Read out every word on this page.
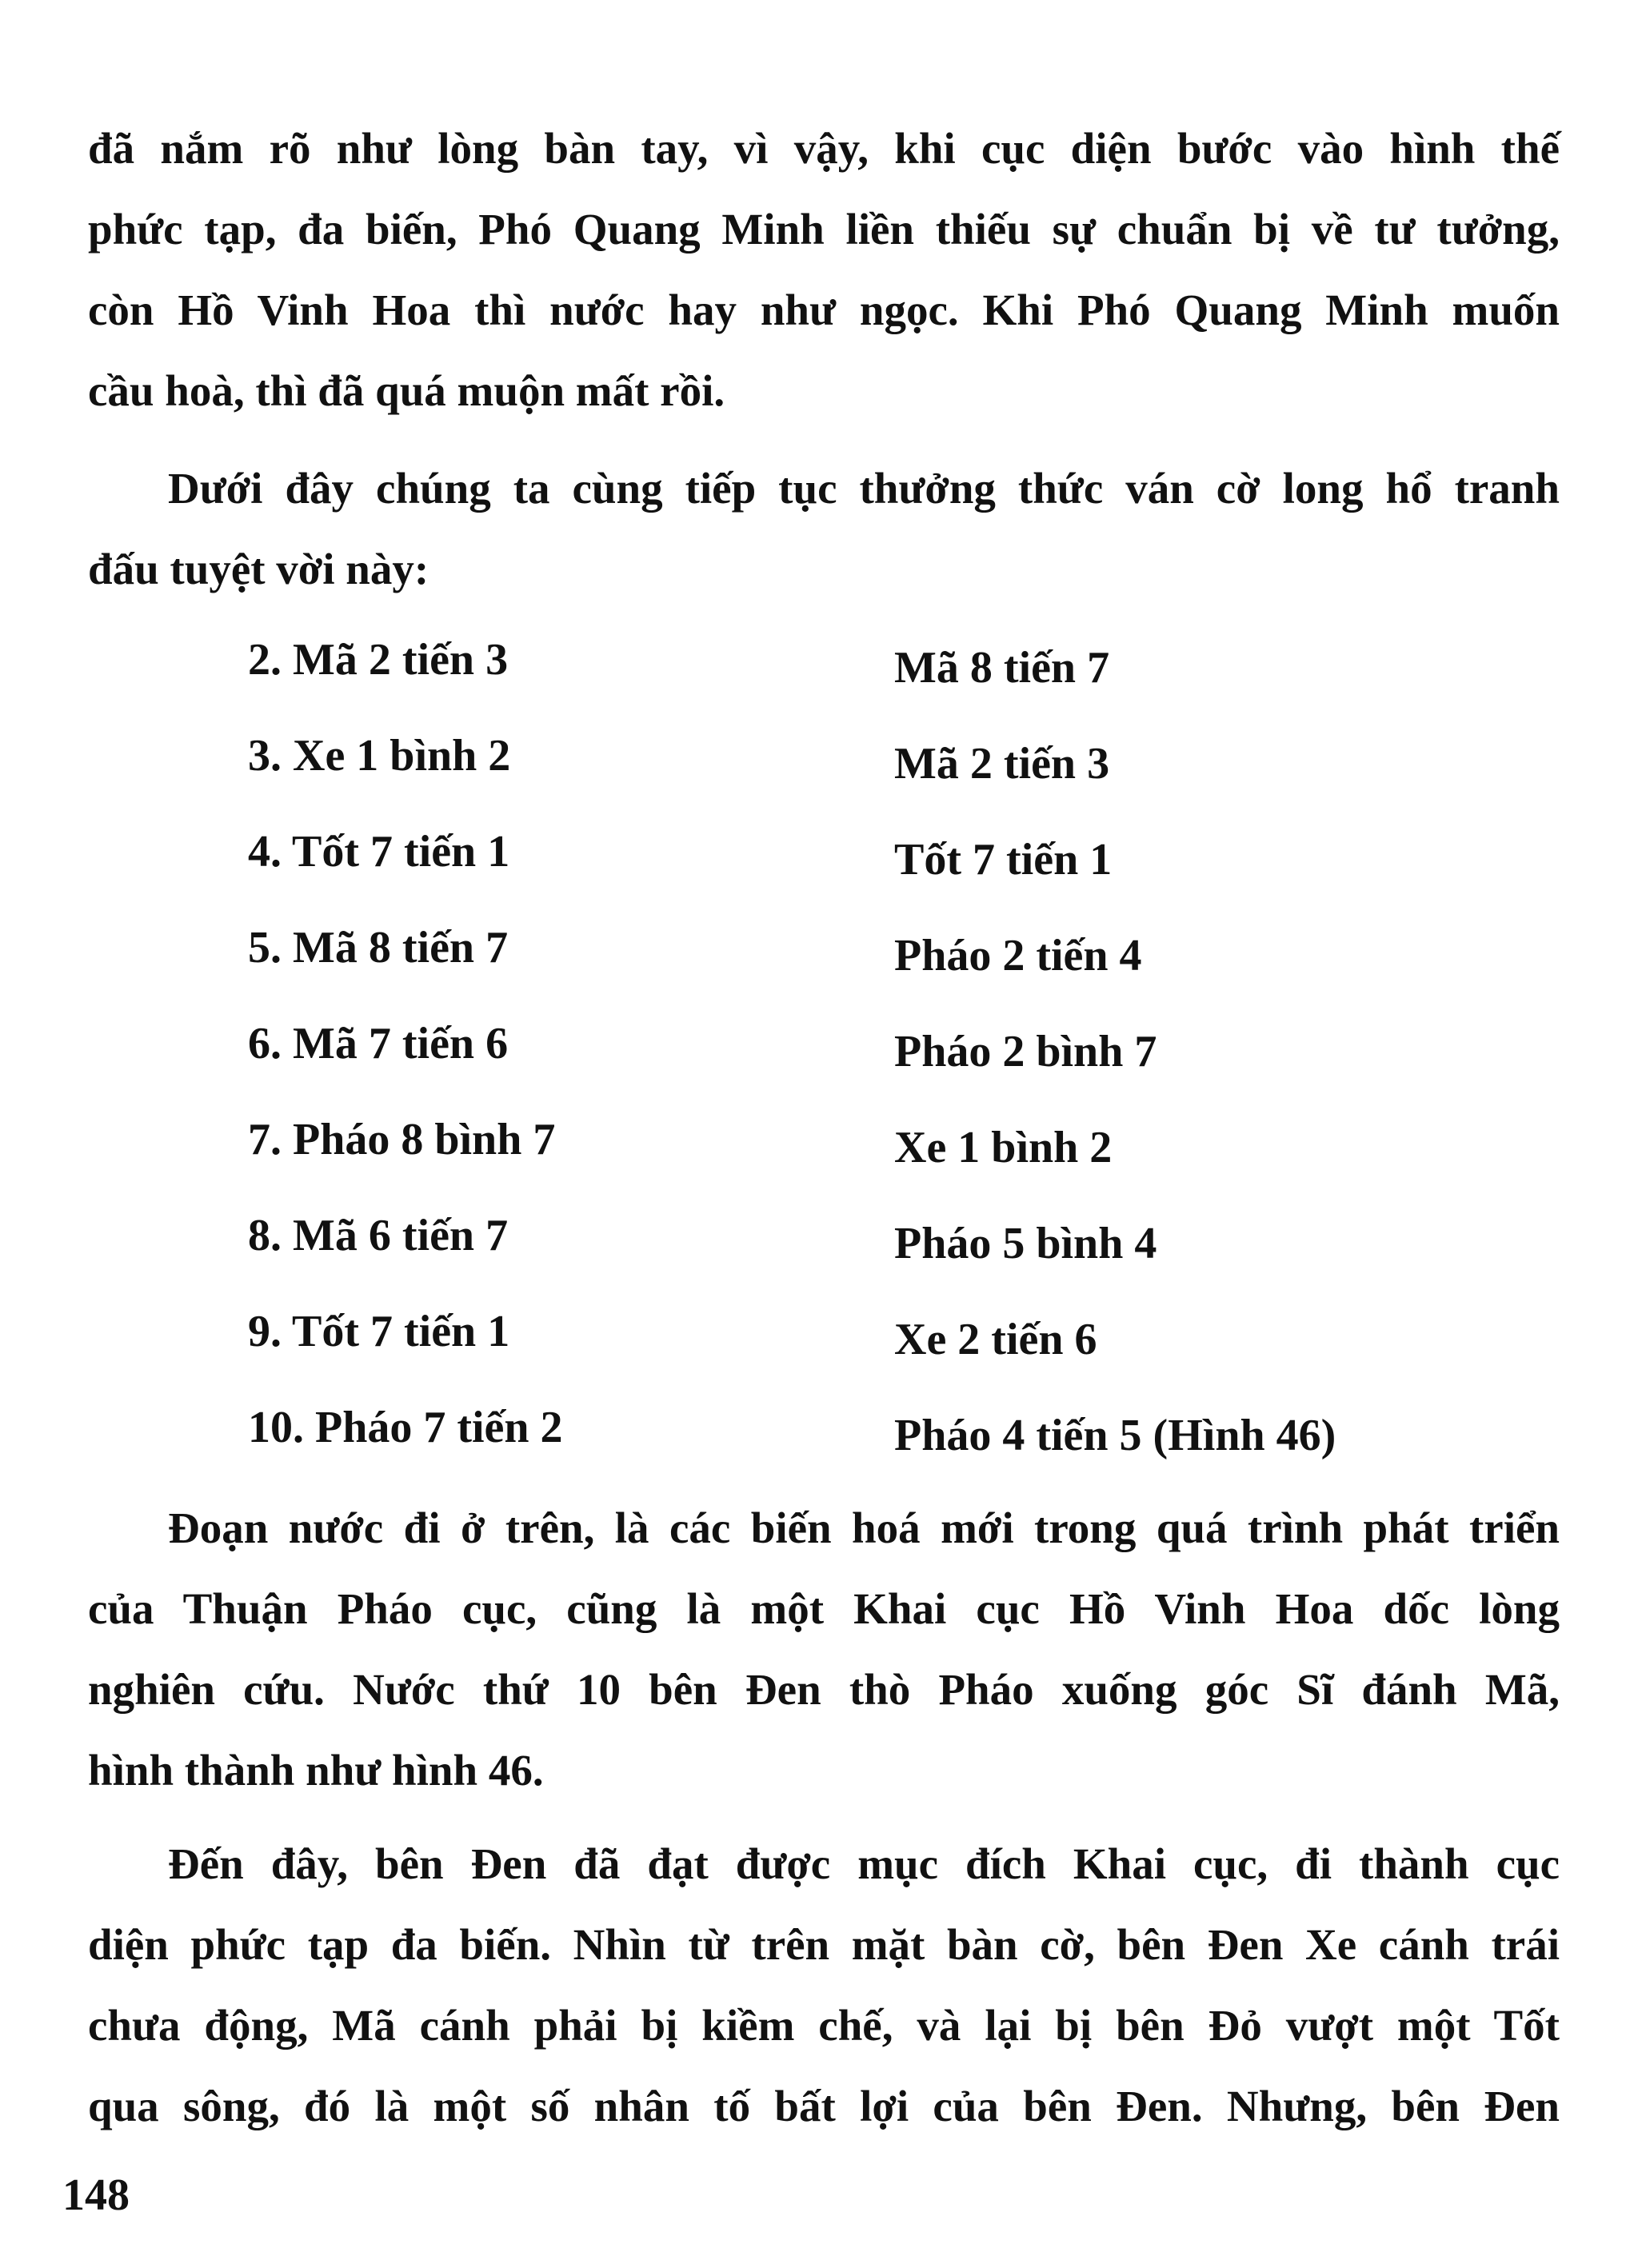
đã nắm rõ như lòng bàn tay, vì vậy, khi cục diện bước vào hình thế
phức tạp, đa biến, Phó Quang Minh liền thiếu sự chuẩn bị về tư tưởng,
còn Hồ Vinh Hoa thì nước hay như ngọc. Khi Phó Quang Minh muốn
cầu hoà, thì đã quá muộn mất rồi.

Dưới đây chúng ta cùng tiếp tục thưởng thức ván cờ long hổ tranh
đấu tuyệt vời này:

2. Mã 2 tiến 3	Mã 8 tiến 7
3. Xe 1 bình 2	Mã 2 tiến 3
4. Tốt 7 tiến 1	Tốt 7 tiến 1
5. Mã 8 tiến 7	Pháo 2 tiến 4
6. Mã 7 tiến 6	Pháo 2 bình 7
7. Pháo 8 bình 7	Xe 1 bình 2
8. Mã 6 tiến 7	Pháo 5 bình 4
9. Tốt 7 tiến 1	Xe 2 tiến 6
10. Pháo 7 tiến 2	Pháo 4 tiến 5 (Hình 46)

Đoạn nước đi ở trên, là các biến hoá mới trong quá trình phát triển
của Thuận Pháo cục, cũng là một Khai cục Hồ Vinh Hoa dốc lòng
nghiên cứu. Nước thứ 10 bên Đen thò Pháo xuống góc Sĩ đánh Mã,
hình thành như hình 46.

Đến đây, bên Đen đã đạt được mục đích Khai cục, đi thành cục
diện phức tạp đa biến. Nhìn từ trên mặt bàn cờ, bên Đen Xe cánh trái
chưa động, Mã cánh phải bị kiềm chế, và lại bị bên Đỏ vượt một Tốt
qua sông, đó là một số nhân tố bất lợi của bên Đen. Nhưng, bên Đen

148
